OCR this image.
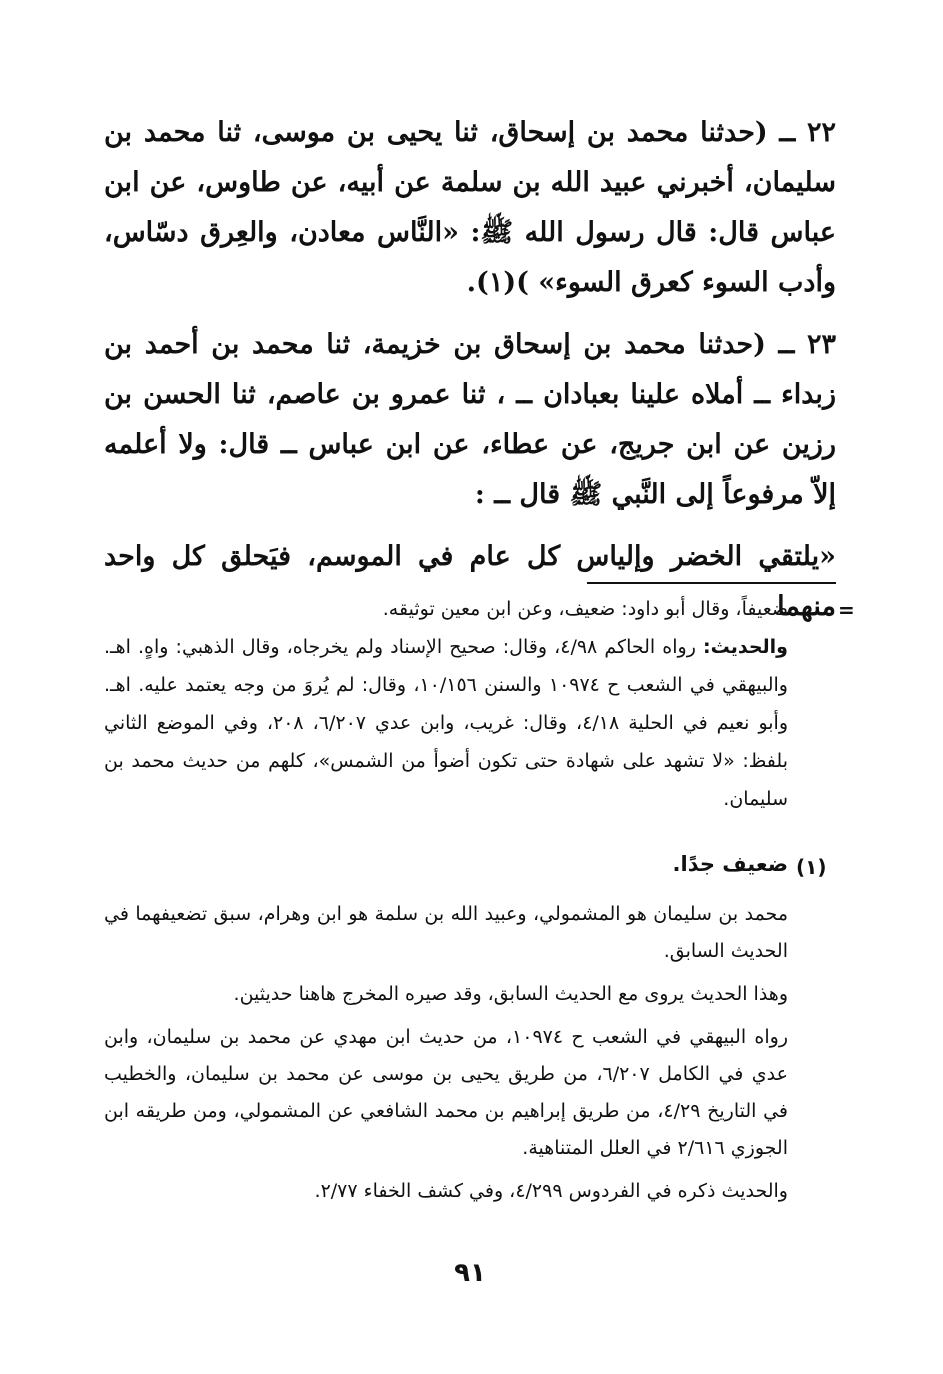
٢٢ ــ (حدثنا محمد بن إسحاق، ثنا يحيى بن موسى، ثنا محمد بن سليمان، أخبرني عبيد الله بن سلمة عن أبيه، عن طاوس، عن ابن عباس قال: قال رسول الله ﷺ: «النَّاس معادن، والعِرق دسّاس، وأدب السوء كعرق السوء» )(١).

٢٣ ــ (حدثنا محمد بن إسحاق بن خزيمة، ثنا محمد بن أحمد بن زبداء ــ أملاه علينا بعبادان ــ ، ثنا عمرو بن عاصم، ثنا الحسن بن رزين عن ابن جريج، عن عطاء، عن ابن عباس ــ قال: ولا أعلمه إلاّ مرفوعاً إلى النَّبي ﷺ قال ــ :

«يلتقي الخضر وإلياس كل عام في الموسم، فيَحلق كل واحد منهما =

ضعيفاً، وقال أبو داود: ضعيف، وعن ابن معين توثيقه.

والحديث: رواه الحاكم ٤/٩٨، وقال: صحيح الإسناد ولم يخرجاه، وقال الذهبي: واهٍ. اهـ. والبيهقي في الشعب ح ١٠٩٧٤ والسنن ١٠/١٥٦، وقال: لم يُروَ من وجه يعتمد عليه. اهـ. وأبو نعيم في الحلية ٤/١٨، وقال: غريب، وابن عدي ٦/٢٠٧، ٢٠٨، وفي الموضع الثاني بلفظ: «لا تشهد على شهادة حتى تكون أضوأ من الشمس»، كلهم من حديث محمد بن سليمان.

(١)
ضعيف جدًا.

محمد بن سليمان هو المشمولي، وعبيد الله بن سلمة هو ابن وهرام، سبق تضعيفهما في الحديث السابق.

وهذا الحديث يروى مع الحديث السابق، وقد صيره المخرج هاهنا حديثين.

رواه البيهقي في الشعب ح ١٠٩٧٤، من حديث ابن مهدي عن محمد بن سليمان، وابن عدي في الكامل ٦/٢٠٧، من طريق يحيى بن موسى عن محمد بن سليمان، والخطيب في التاريخ ٤/٢٩، من طريق إبراهيم بن محمد الشافعي عن المشمولي، ومن طريقه ابن الجوزي ٢/٦١٦ في العلل المتناهية.

والحديث ذكره في الفردوس ٤/٢٩٩، وفي كشف الخفاء ٢/٧٧.

٩١
